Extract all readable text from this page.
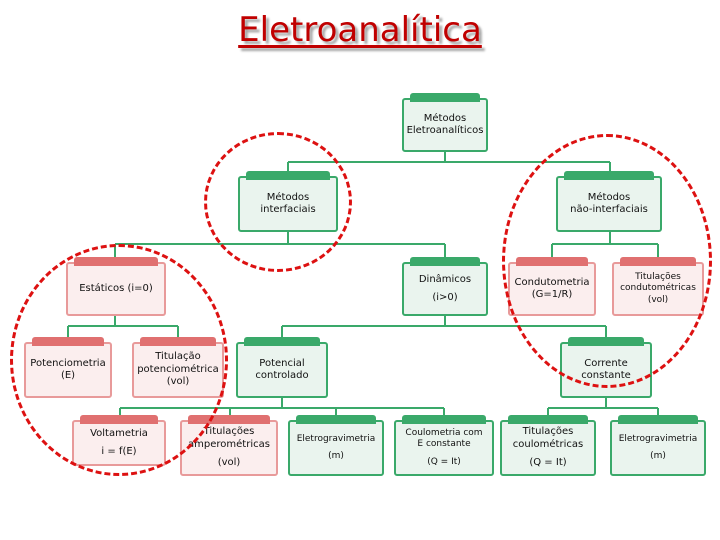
Eletroanalítica
Métodos
Eletroanalíticos
Métodos
interfaciais
Métodos
não-interfaciais
Estáticos (i=0)
Dinâmicos
(i>0)
Condutometria
(G=1/R)
Titulações
condutométricas
(vol)
Potenciometria
(E)
Titulação
potenciométrica
(vol)
Potencial
controlado
Corrente
constante
Voltametria
i = f(E)
Titulações
amperométricas
(vol)
Eletrogravimetria
(m)
Coulometria com
E constante
(Q = It)
Titulações
coulométricas
(Q = It)
Eletrogravimetria
(m)
